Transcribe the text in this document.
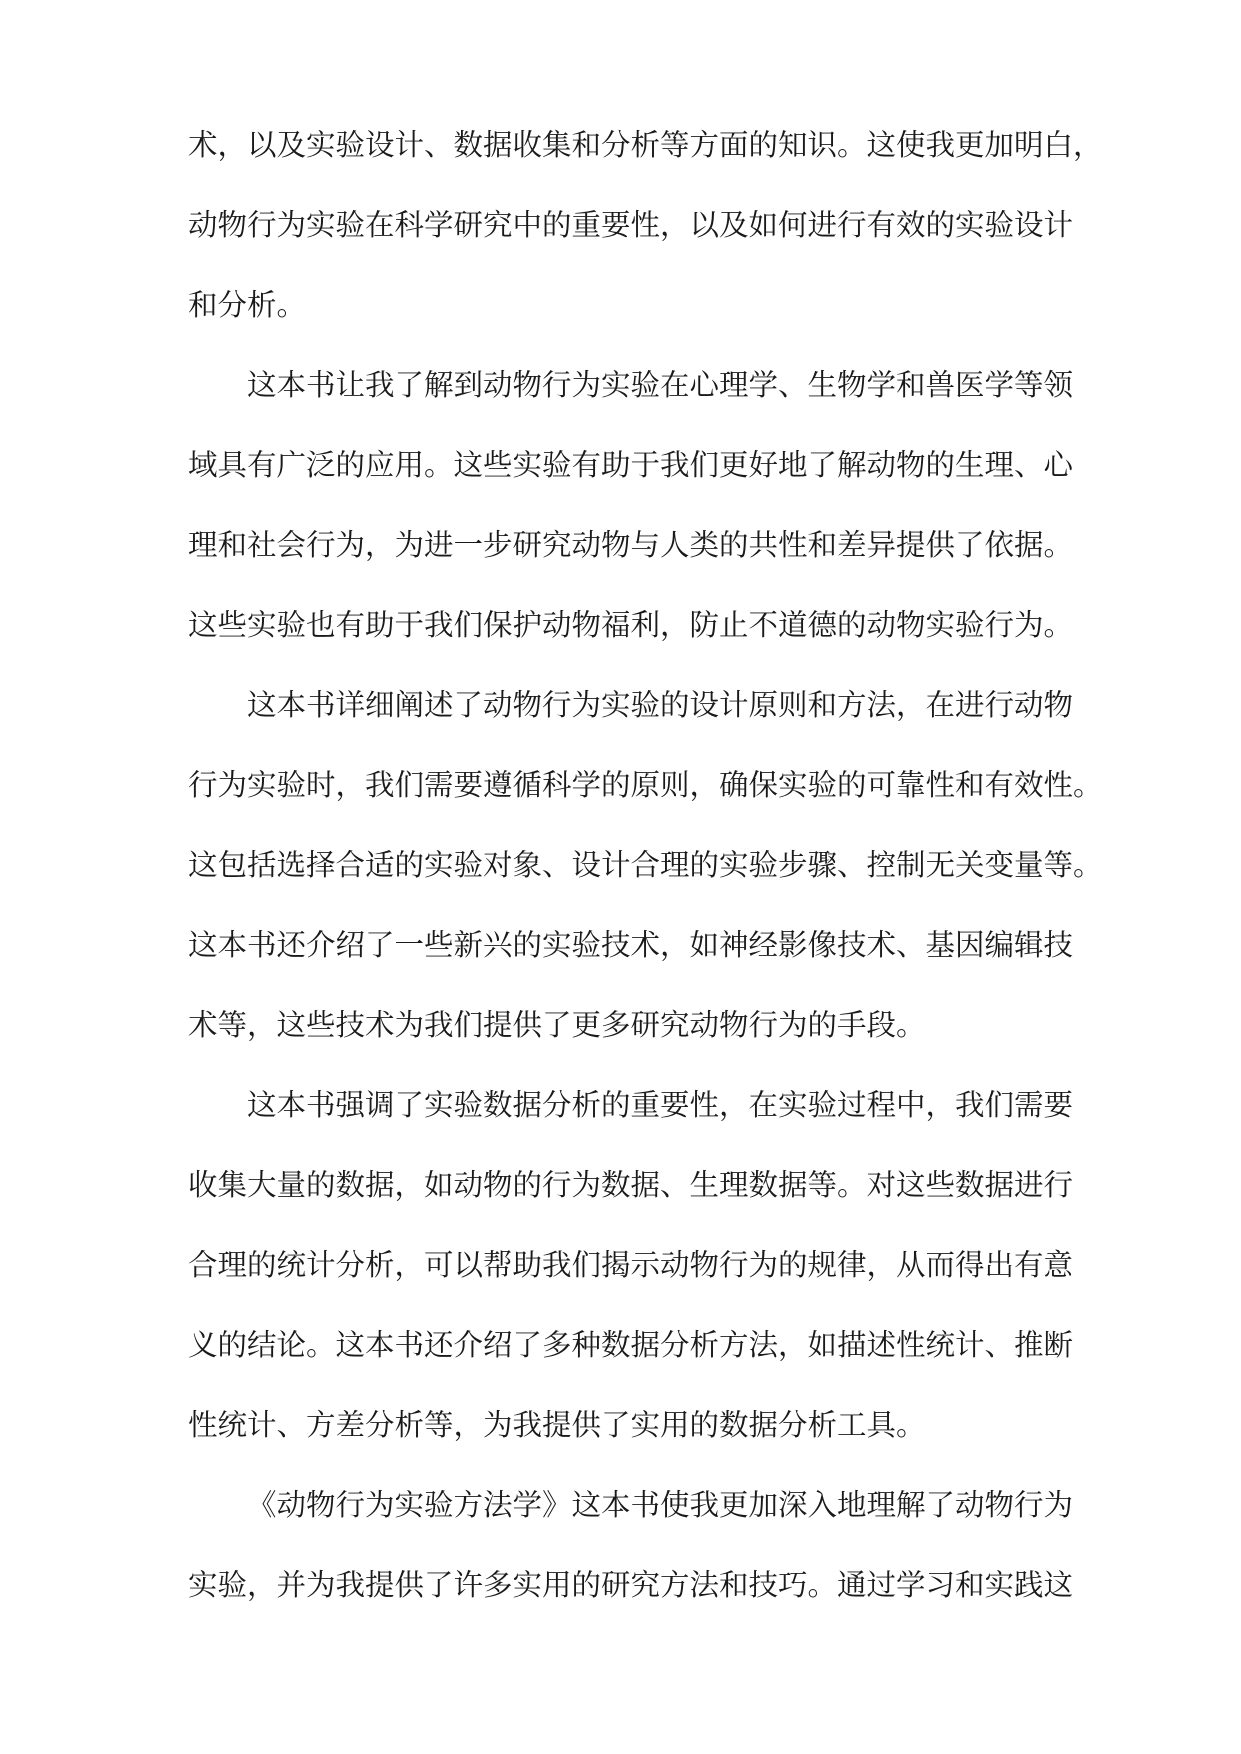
术，以及实验设计、数据收集和分析等方面的知识。这使我更加明白，
动物行为实验在科学研究中的重要性，以及如何进行有效的实验设计
和分析。
这本书让我了解到动物行为实验在心理学、生物学和兽医学等领
域具有广泛的应用。这些实验有助于我们更好地了解动物的生理、心
理和社会行为，为进一步研究动物与人类的共性和差异提供了依据。
这些实验也有助于我们保护动物福利，防止不道德的动物实验行为。
这本书详细阐述了动物行为实验的设计原则和方法，在进行动物
行为实验时，我们需要遵循科学的原则，确保实验的可靠性和有效性。
这包括选择合适的实验对象、设计合理的实验步骤、控制无关变量等。
这本书还介绍了一些新兴的实验技术，如神经影像技术、基因编辑技
术等，这些技术为我们提供了更多研究动物行为的手段。
这本书强调了实验数据分析的重要性，在实验过程中，我们需要
收集大量的数据，如动物的行为数据、生理数据等。对这些数据进行
合理的统计分析，可以帮助我们揭示动物行为的规律，从而得出有意
义的结论。这本书还介绍了多种数据分析方法，如描述性统计、推断
性统计、方差分析等，为我提供了实用的数据分析工具。
《动物行为实验方法学》这本书使我更加深入地理解了动物行为
实验，并为我提供了许多实用的研究方法和技巧。通过学习和实践这
